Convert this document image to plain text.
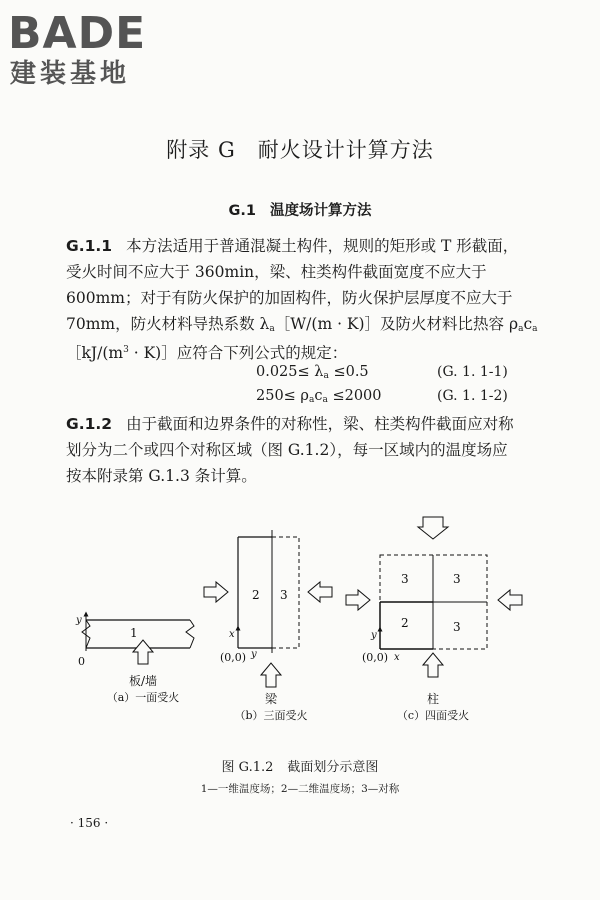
BADE
建装基地
附录 G 耐火设计计算方法
G.1 温度场计算方法

G.1.1 本方法适用于普通混凝土构件，规则的矩形或 T 形截面，

受火时间不应大于 360min，梁、柱类构件截面宽度不应大于

600mm；对于有防火保护的加固构件，防火保护层厚度不应大于

70mm，防火材料导热系数 $\lambda_a[W/(m$ · K)］及防火材料比热容 $\rho_ac_a$

$[kJ/(m^3$ · K)］应符合下列公式的规定：

$0.025\le \lambda_a \le 0.5$	(G. 1. 1-1)
$250\le \rho_ac_a \le 2000$	(G. 1. 1-2)

G.1.2 由于截面和边界条件的对称性，梁、柱类构件截面应对称

划分为二个或四个对称区域（图 G.1.2），每一区域内的温度场应

按本附录第 G.1.3 条计算。

1
y
0
板/墙
（a）一面受火
x
y
(0,0)
2 3
梁
（b）三面受火
y
x
(0,0)
3	3
2	3
柱
（c）四面受火

图 G.1.2 截面划分示意图

1—一维温度场；2—二维温度场；3—对称

· 156 ·
